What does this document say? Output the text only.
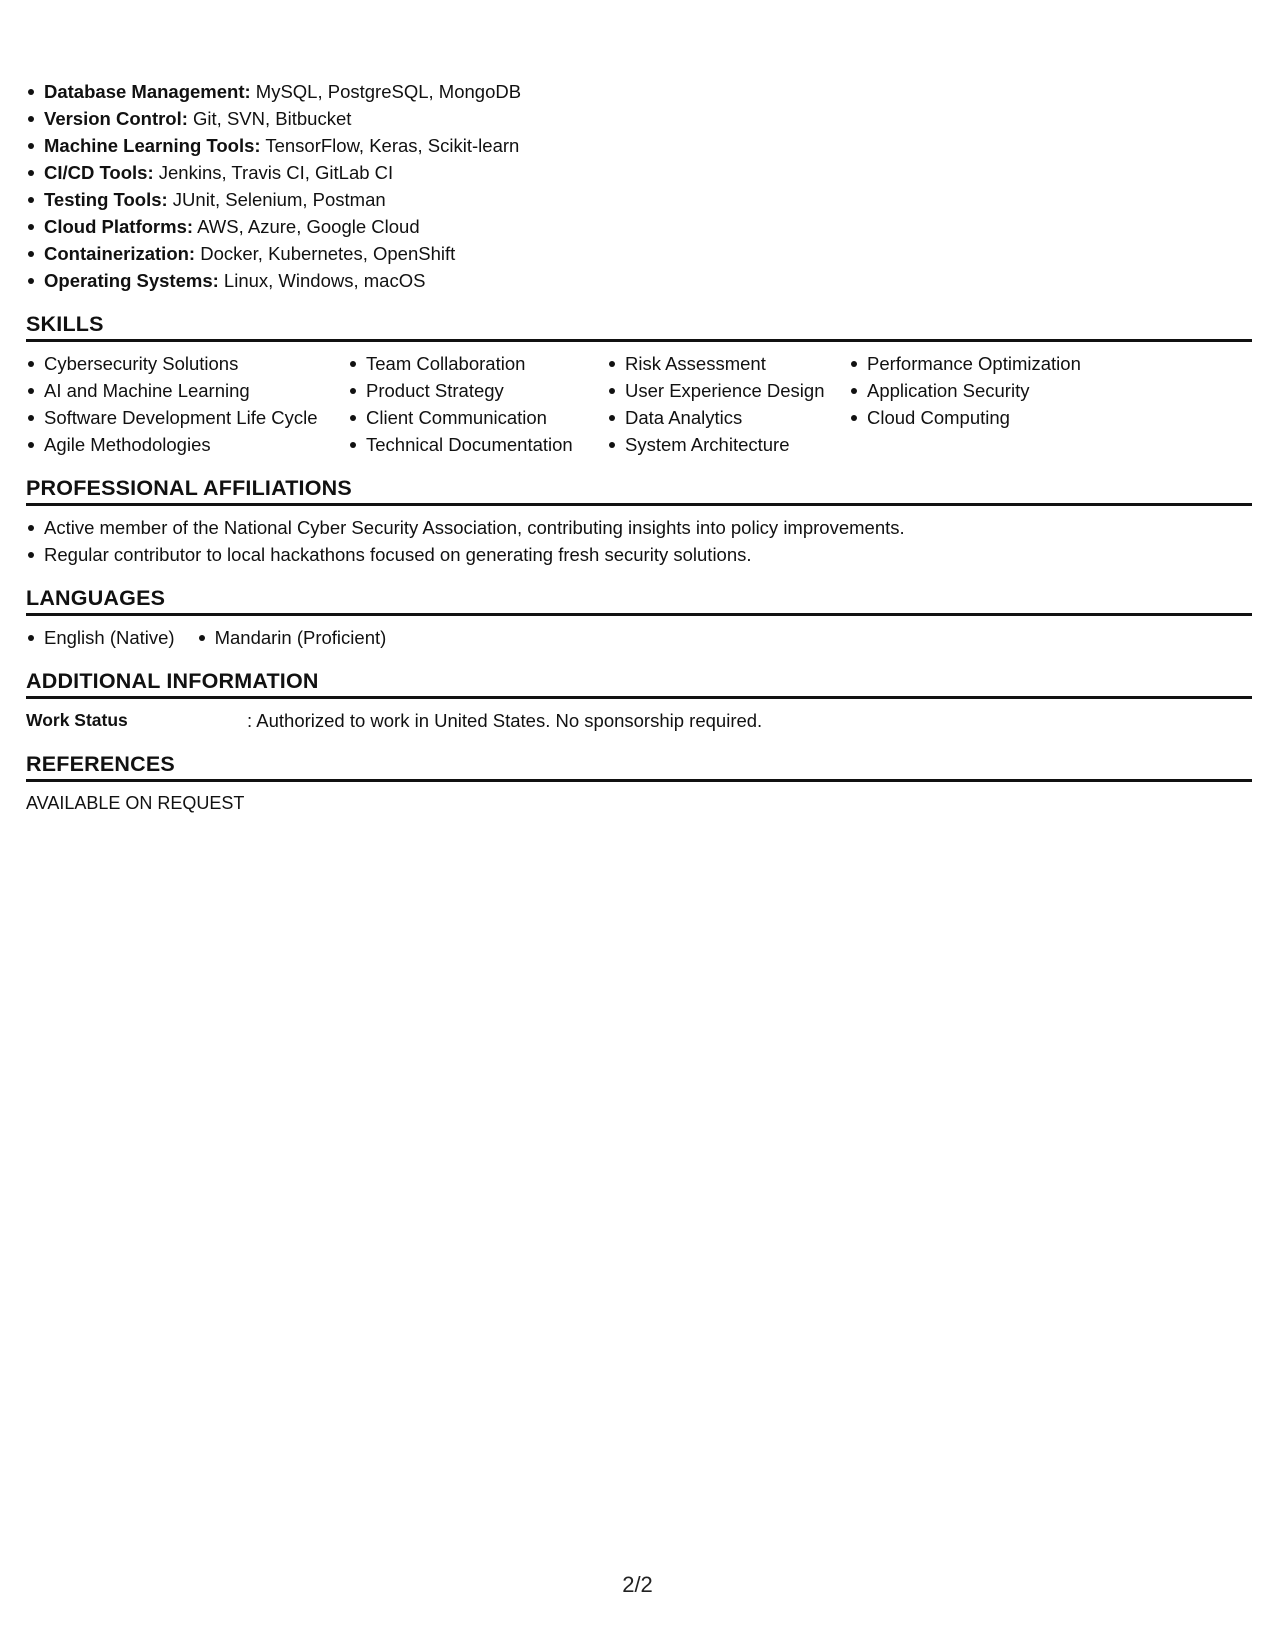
Database Management: MySQL, PostgreSQL, MongoDB
Version Control: Git, SVN, Bitbucket
Machine Learning Tools: TensorFlow, Keras, Scikit-learn
CI/CD Tools: Jenkins, Travis CI, GitLab CI
Testing Tools: JUnit, Selenium, Postman
Cloud Platforms: AWS, Azure, Google Cloud
Containerization: Docker, Kubernetes, OpenShift
Operating Systems: Linux, Windows, macOS
SKILLS
Cybersecurity Solutions
AI and Machine Learning
Software Development Life Cycle
Agile Methodologies
Team Collaboration
Product Strategy
Client Communication
Technical Documentation
Risk Assessment
User Experience Design
Data Analytics
System Architecture
Performance Optimization
Application Security
Cloud Computing
PROFESSIONAL AFFILIATIONS
Active member of the National Cyber Security Association, contributing insights into policy improvements.
Regular contributor to local hackathons focused on generating fresh security solutions.
LANGUAGES
English (Native)	Mandarin (Proficient)
ADDITIONAL INFORMATION
Work Status	: Authorized to work in United States. No sponsorship required.
REFERENCES
AVAILABLE ON REQUEST
2/2
